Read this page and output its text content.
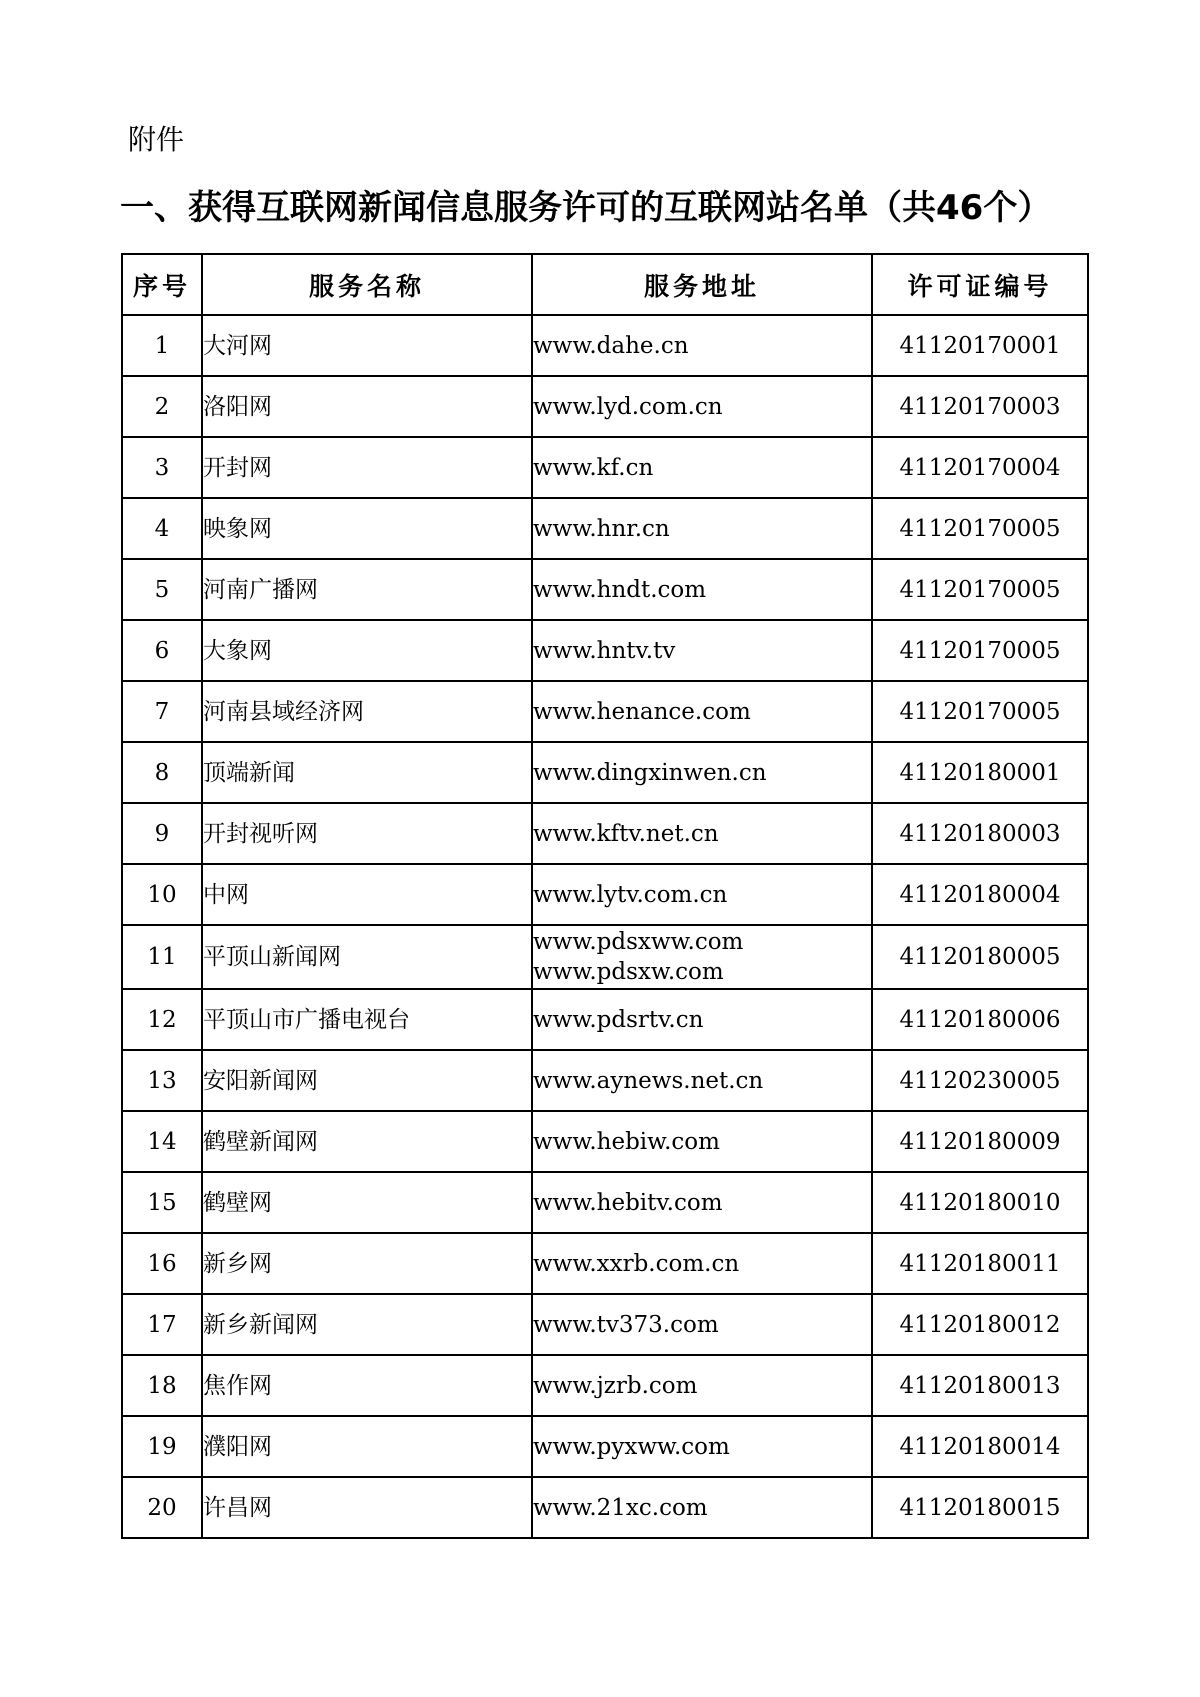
附件
一、获得互联网新闻信息服务许可的互联网站名单（共46个）
序号	服务名称	服务地址	许可证编号
1	大河网	www.dahe.cn	41120170001
2	洛阳网	www.lyd.com.cn	41120170003
3	开封网	www.kf.cn	41120170004
4	映象网	www.hnr.cn	41120170005
5	河南广播网	www.hndt.com	41120170005
6	大象网	www.hntv.tv	41120170005
7	河南县域经济网	www.henance.com	41120170005
8	顶端新闻	www.dingxinwen.cn	41120180001
9	开封视听网	www.kftv.net.cn	41120180003
10	中网	www.lytv.com.cn	41120180004
11	平顶山新闻网	www.pdsxww.com
www.pdsxw.com	41120180005
12	平顶山市广播电视台	www.pdsrtv.cn	41120180006
13	安阳新闻网	www.aynews.net.cn	41120230005
14	鹤壁新闻网	www.hebiw.com	41120180009
15	鹤壁网	www.hebitv.com	41120180010
16	新乡网	www.xxrb.com.cn	41120180011
17	新乡新闻网	www.tv373.com	41120180012
18	焦作网	www.jzrb.com	41120180013
19	濮阳网	www.pyxww.com	41120180014
20	许昌网	www.21xc.com	41120180015
